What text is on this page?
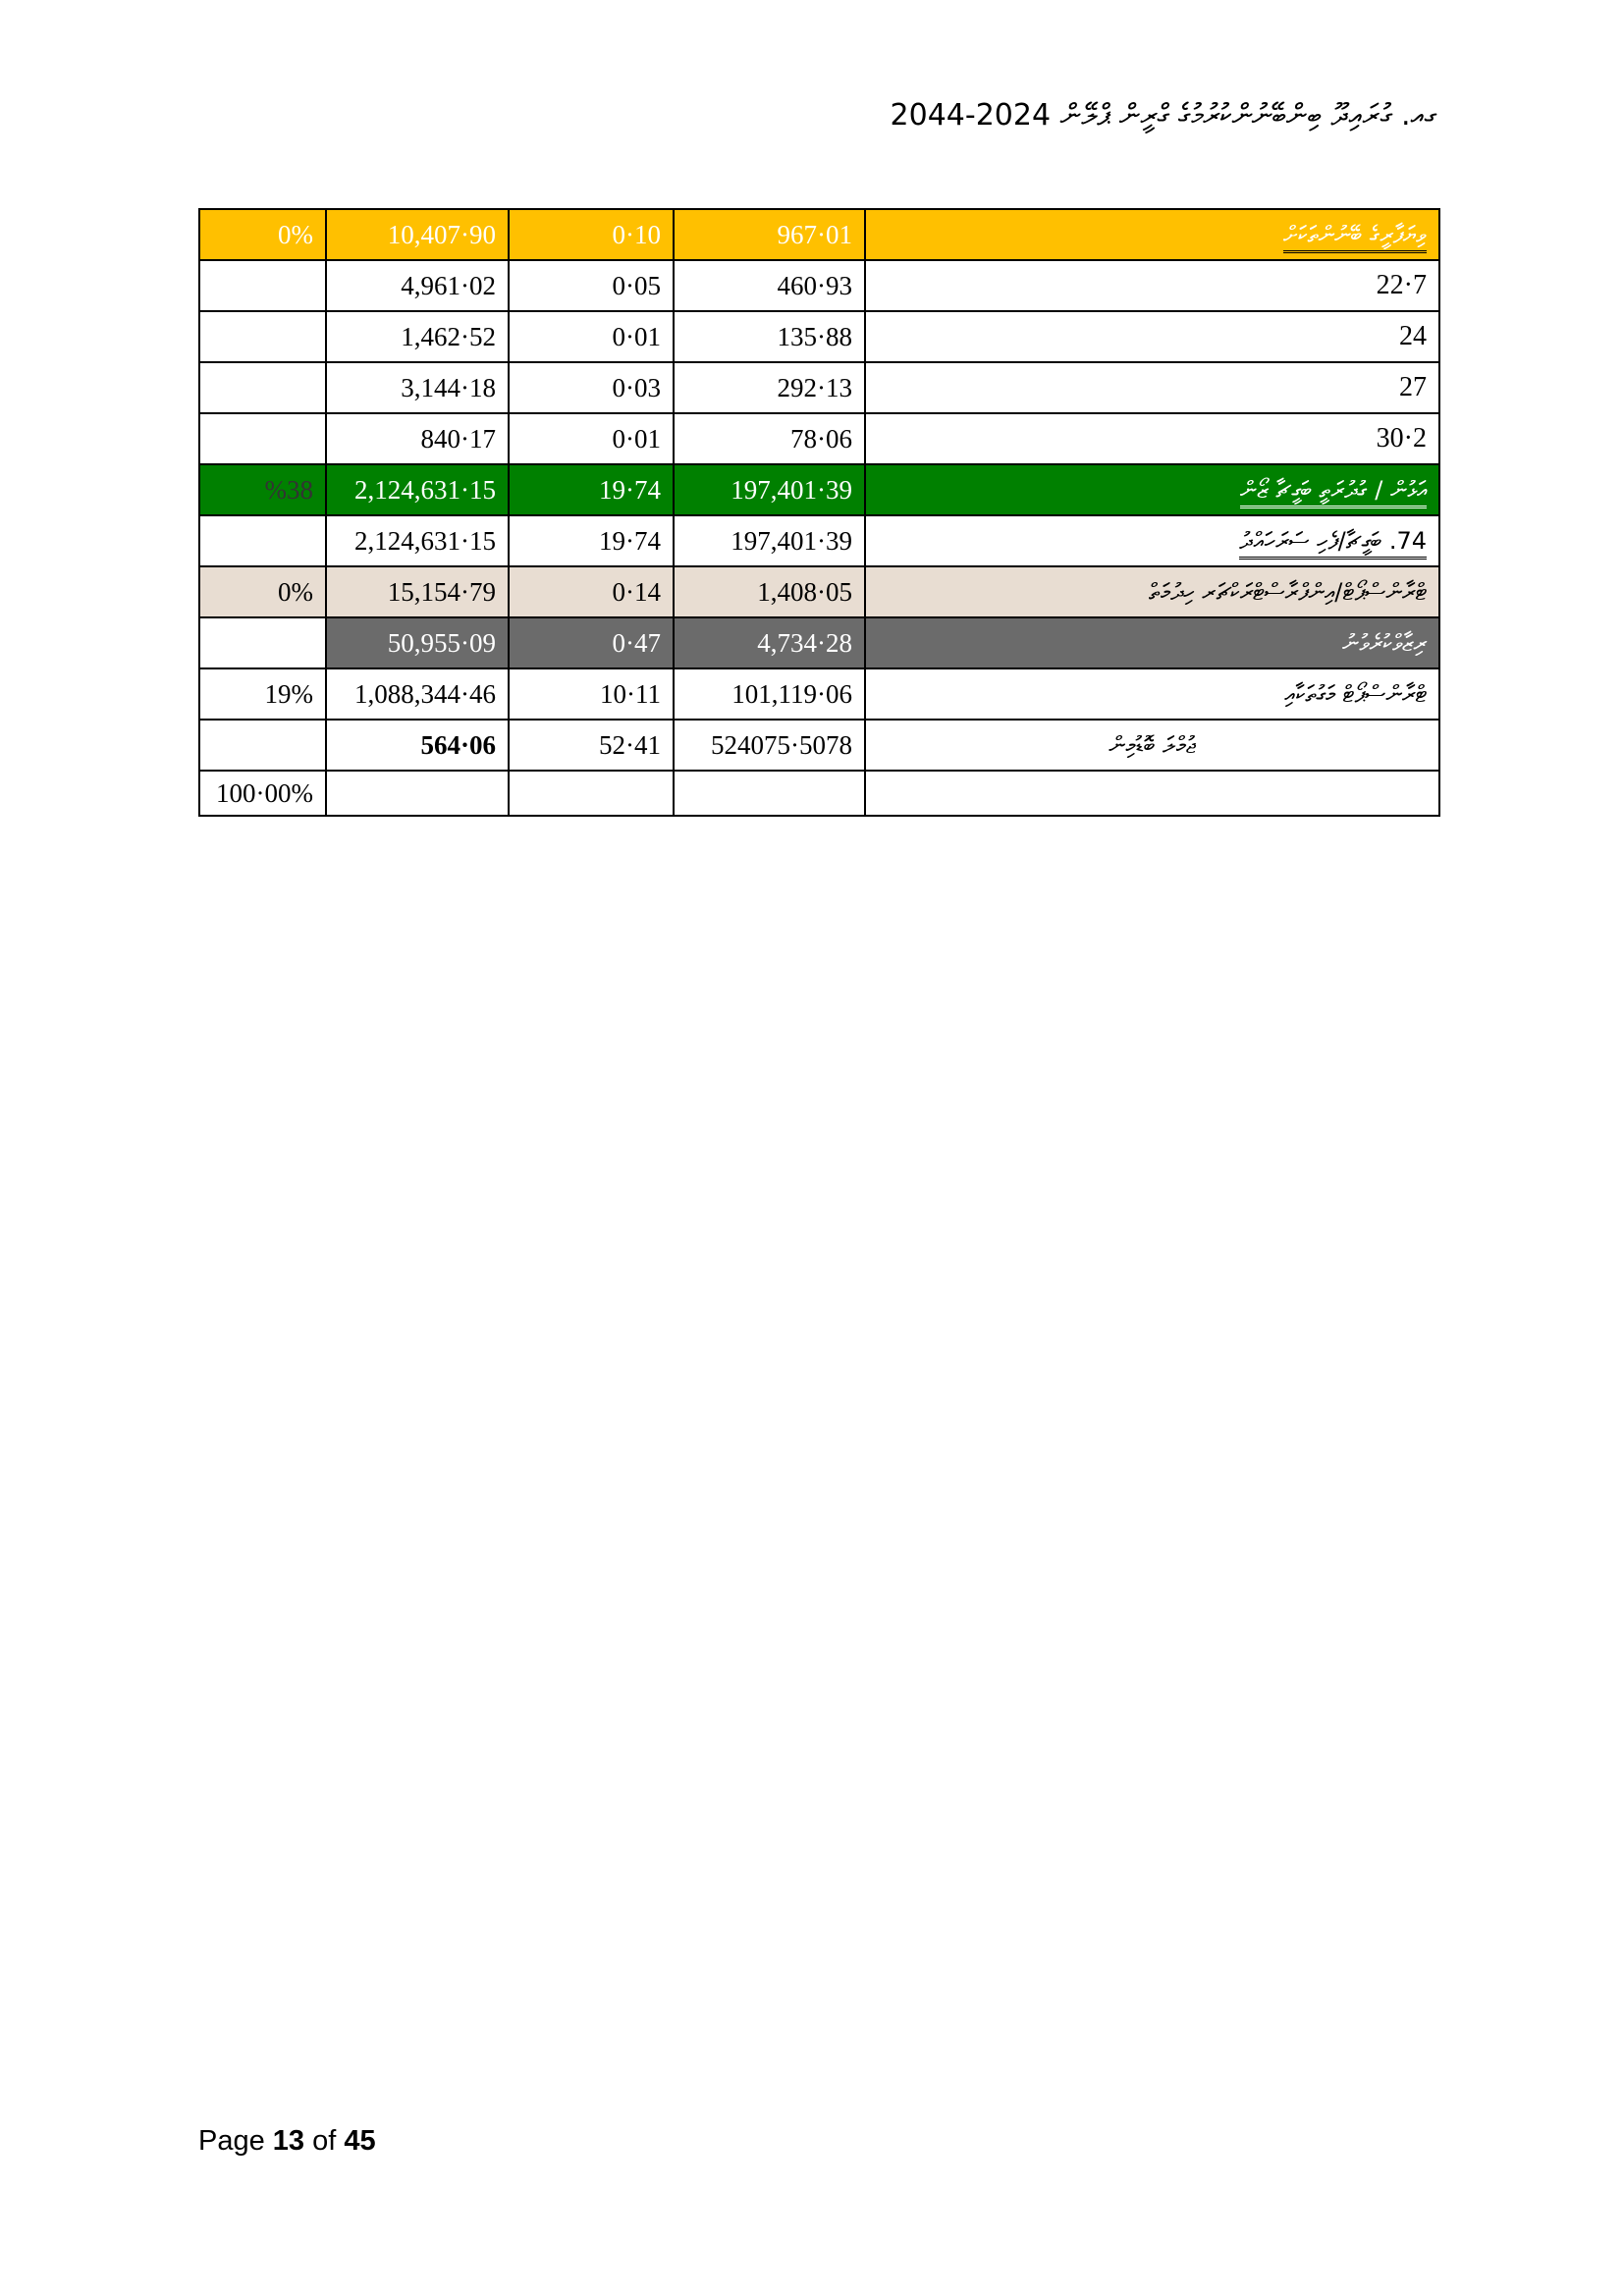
ގއ. ގުރައިދޫ ބިންބޭނުންކުރުމުގެ ގްރީން ޕްލޭން 2024-2044
0%	10,407·90	0·10	967·01	ވިޔަފާރީގެ ބޭނުންތަކަށް
	4,961·02	0·05	460·93	22·7
	1,462·52	0·01	135·88	24
	3,144·18	0·03	292·13	27
	840·17	0·01	78·06	30·2
%38	2,124,631·15	19·74	197,401·39	އަޅުން / ގުދުރަތީ ބަގީޗާ ޒޯން
	2,124,631·15	19·74	197,401·39	74. ބަގީޗާ/ފެހި ސަރަހައްދު
0%	15,154·79	0·14	1,408·05	ޓްރާންސްޕޯޓް/އިންފްރާސްޓްރަކްޗަރ ހިދުމަތް
	50,955·09	0·47	4,734·28	ރިޒާވްކުރެވުނު
19%	1,088,344·46	10·11	101,119·06	ޓްރާންސްޕޯޓް މަގުތަކާއި
	564·06	52·41	524075·5078	ޖުމްލަ ބޮޑުމިން
100·00%				
Page 13 of 45
